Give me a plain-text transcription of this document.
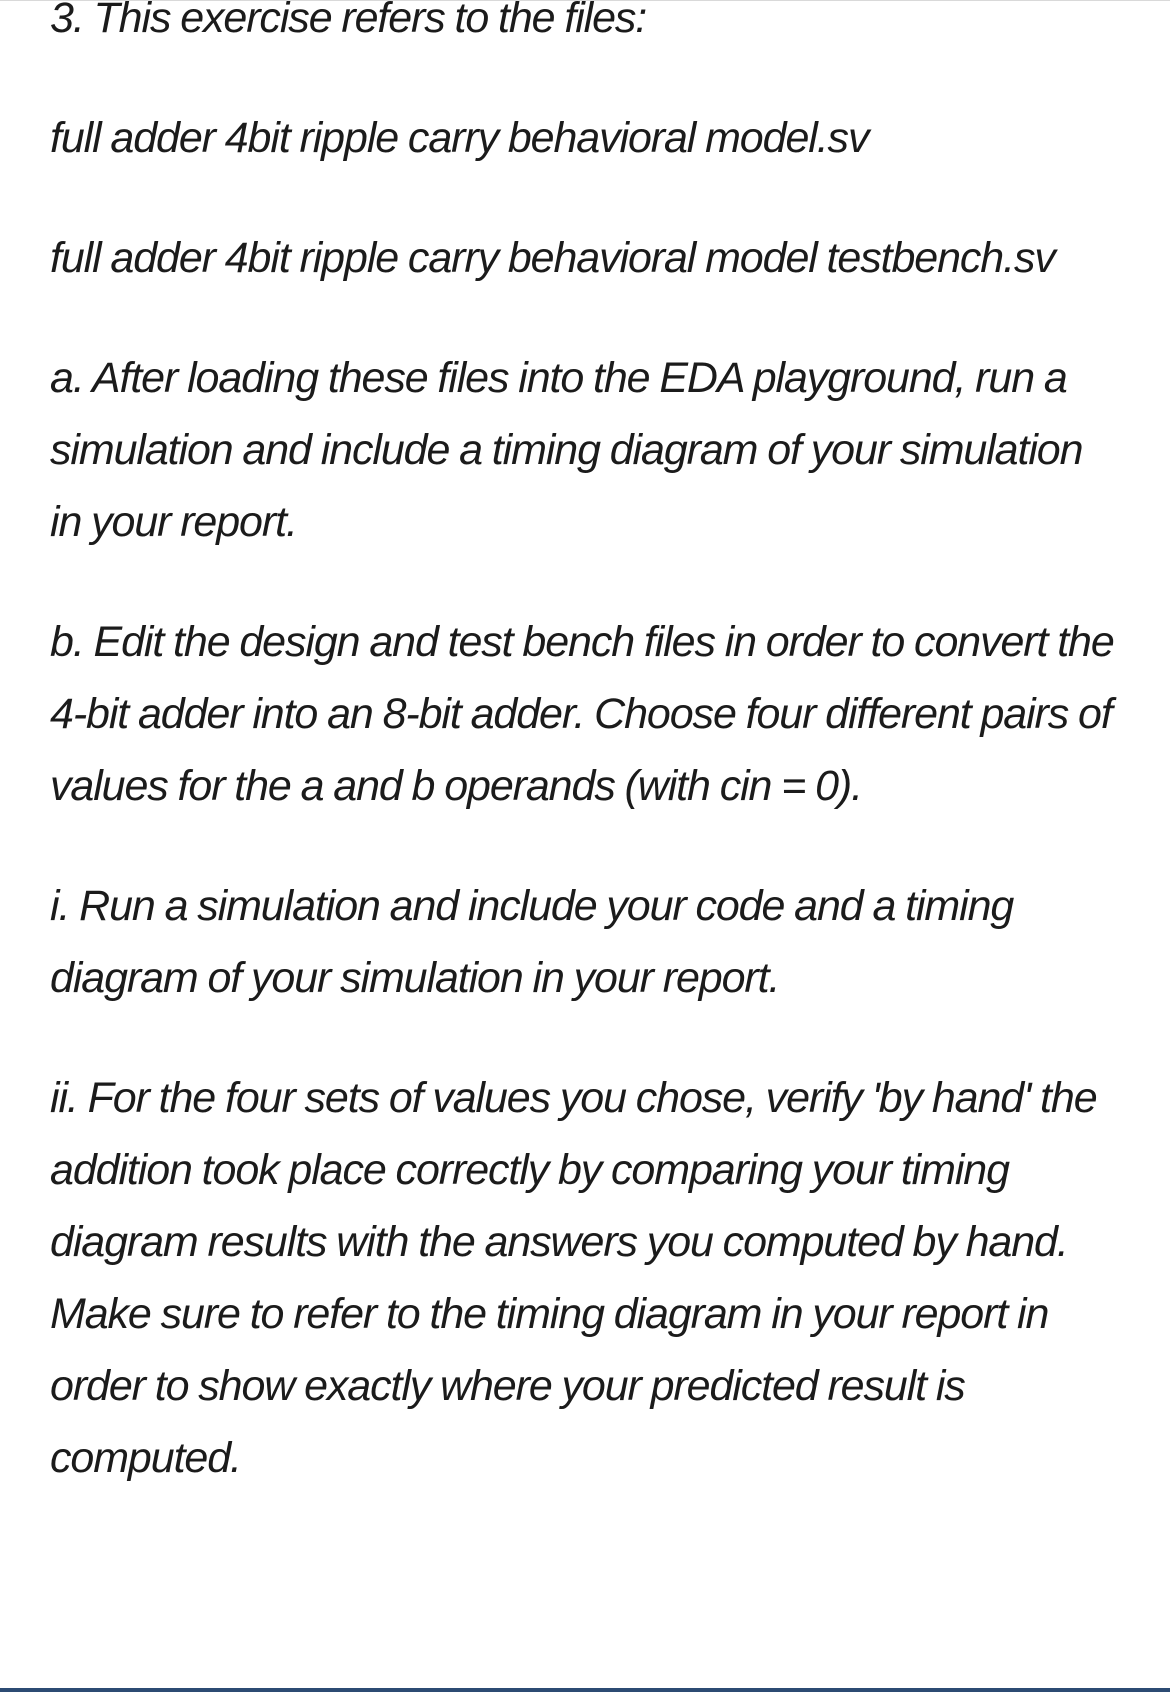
3. This exercise refers to the files:

full adder 4bit ripple carry behavioral model.sv

full adder 4bit ripple carry behavioral model testbench.sv

a. After loading these files into the EDA playground, run a simulation and include a timing diagram of your simulation in your report.

b. Edit the design and test bench files in order to convert the 4-bit adder into an 8-bit adder. Choose four different pairs of values for the a and b operands (with cin = 0).

i. Run a simulation and include your code and a timing diagram of your simulation in your report.

ii. For the four sets of values you chose, verify 'by hand' the addition took place correctly by comparing your timing diagram results with the answers you computed by hand. Make sure to refer to the timing diagram in your report in order to show exactly where your predicted result is computed.
